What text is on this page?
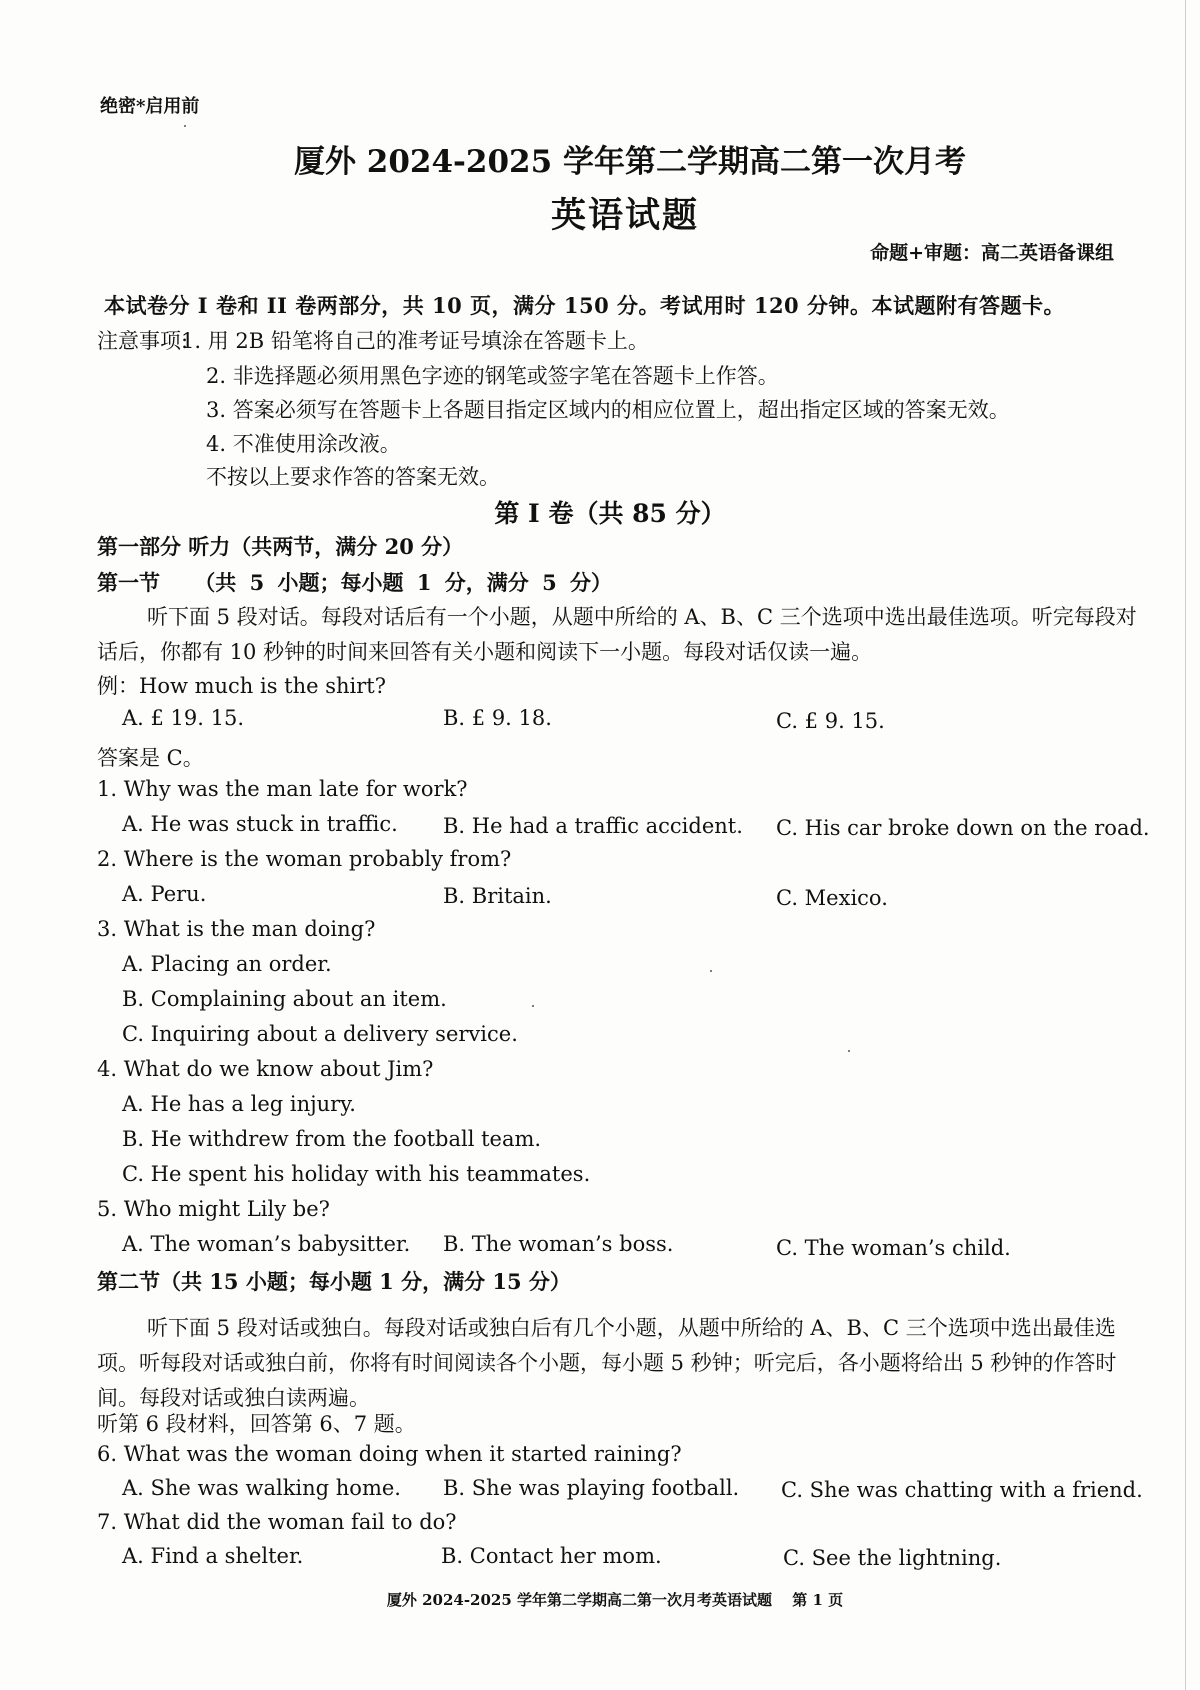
绝密*启用前
厦外 2024-2025 学年第二学期高二第一次月考
英语试题
命题+审题：高二英语备课组
本试卷分 I 卷和 II 卷两部分，共 10 页，满分 150 分。考试用时 120 分钟。本试题附有答题卡。
注意事项:
1. 用 2B 铅笔将自己的准考证号填涂在答题卡上。
2. 非选择题必须用黑色字迹的钢笔或签字笔在答题卡上作答。
3. 答案必须写在答题卡上各题目指定区域内的相应位置上，超出指定区域的答案无效。
4. 不准使用涂改液。
不按以上要求作答的答案无效。
第 I 卷（共 85 分）
第一部分 听力（共两节，满分 20 分）
第一节　 （共 5 小题；每小题 1 分，满分 5 分）
听下面 5 段对话。每段对话后有一个小题，从题中所给的 A、B、C 三个选项中选出最佳选项。听完每段对话后，你都有 10 秒钟的时间来回答有关小题和阅读下一小题。每段对话仅读一遍。
例：How much is the shirt?
A. £ 19. 15.	B. £ 9. 18.	C. £ 9. 15.
答案是 C。
1. Why was the man late for work?
A. He was stuck in traffic. B. He had a traffic accident. C. His car broke down on the road.
2. Where is the woman probably from?
A. Peru.	B. Britain.	C. Mexico.
3. What is the man doing?
A. Placing an order.
B. Complaining about an item.
C. Inquiring about a delivery service.
4. What do we know about Jim?
A. He has a leg injury.
B. He withdrew from the football team.
C. He spent his holiday with his teammates.
5. Who might Lily be?
A. The woman’s babysitter. B. The woman’s boss.	C. The woman’s child.
第二节（共 15 小题；每小题 1 分，满分 15 分）
听下面 5 段对话或独白。每段对话或独白后有几个小题，从题中所给的 A、B、C 三个选项中选出最佳选项。听每段对话或独白前，你将有时间阅读各个小题，每小题 5 秒钟；听完后，各小题将给出 5 秒钟的作答时间。每段对话或独白读两遍。
听第 6 段材料，回答第 6、7 题。
6. What was the woman doing when it started raining?
A. She was walking home. B. She was playing football. C. She was chatting with a friend.
7. What did the woman fail to do?
A. Find a shelter.	B. Contact her mom.	C. See the lightning.
厦外 2024-2025 学年第二学期高二第一次月考英语试题　 第 1 页
